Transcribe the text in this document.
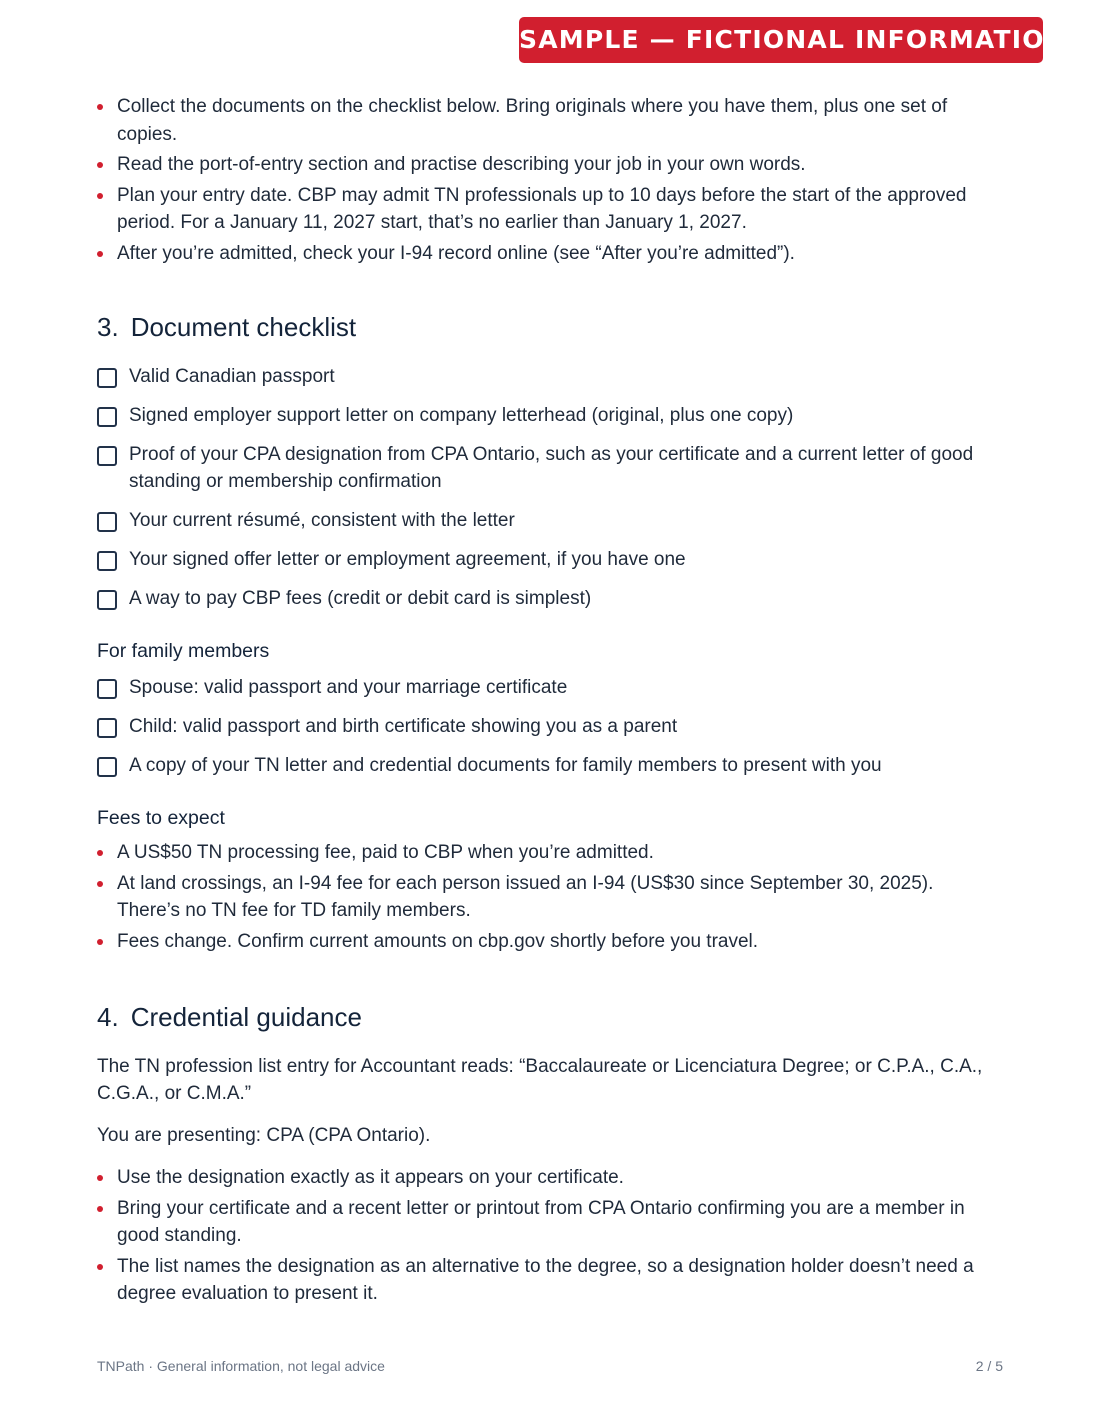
SAMPLE — FICTIONAL INFORMATION
Collect the documents on the checklist below. Bring originals where you have them, plus one set of copies.
Read the port-of-entry section and practise describing your job in your own words.
Plan your entry date. CBP may admit TN professionals up to 10 days before the start of the approved period. For a January 11, 2027 start, that’s no earlier than January 1, 2027.
After you’re admitted, check your I-94 record online (see “After you’re admitted”).
3. Document checklist
Valid Canadian passport
Signed employer support letter on company letterhead (original, plus one copy)
Proof of your CPA designation from CPA Ontario, such as your certificate and a current letter of good standing or membership confirmation
Your current résumé, consistent with the letter
Your signed offer letter or employment agreement, if you have one
A way to pay CBP fees (credit or debit card is simplest)
For family members
Spouse: valid passport and your marriage certificate
Child: valid passport and birth certificate showing you as a parent
A copy of your TN letter and credential documents for family members to present with you
Fees to expect
A US$50 TN processing fee, paid to CBP when you’re admitted.
At land crossings, an I-94 fee for each person issued an I-94 (US$30 since September 30, 2025). There’s no TN fee for TD family members.
Fees change. Confirm current amounts on cbp.gov shortly before you travel.
4. Credential guidance

The TN profession list entry for Accountant reads: “Baccalaureate or Licenciatura Degree; or C.P.A., C.A., C.G.A., or C.M.A.”

You are presenting: CPA (CPA Ontario).

Use the designation exactly as it appears on your certificate.
Bring your certificate and a recent letter or printout from CPA Ontario confirming you are a member in good standing.
The list names the designation as an alternative to the degree, so a designation holder doesn’t need a degree evaluation to present it.
TNPath · General information, not legal advice	2 / 5
